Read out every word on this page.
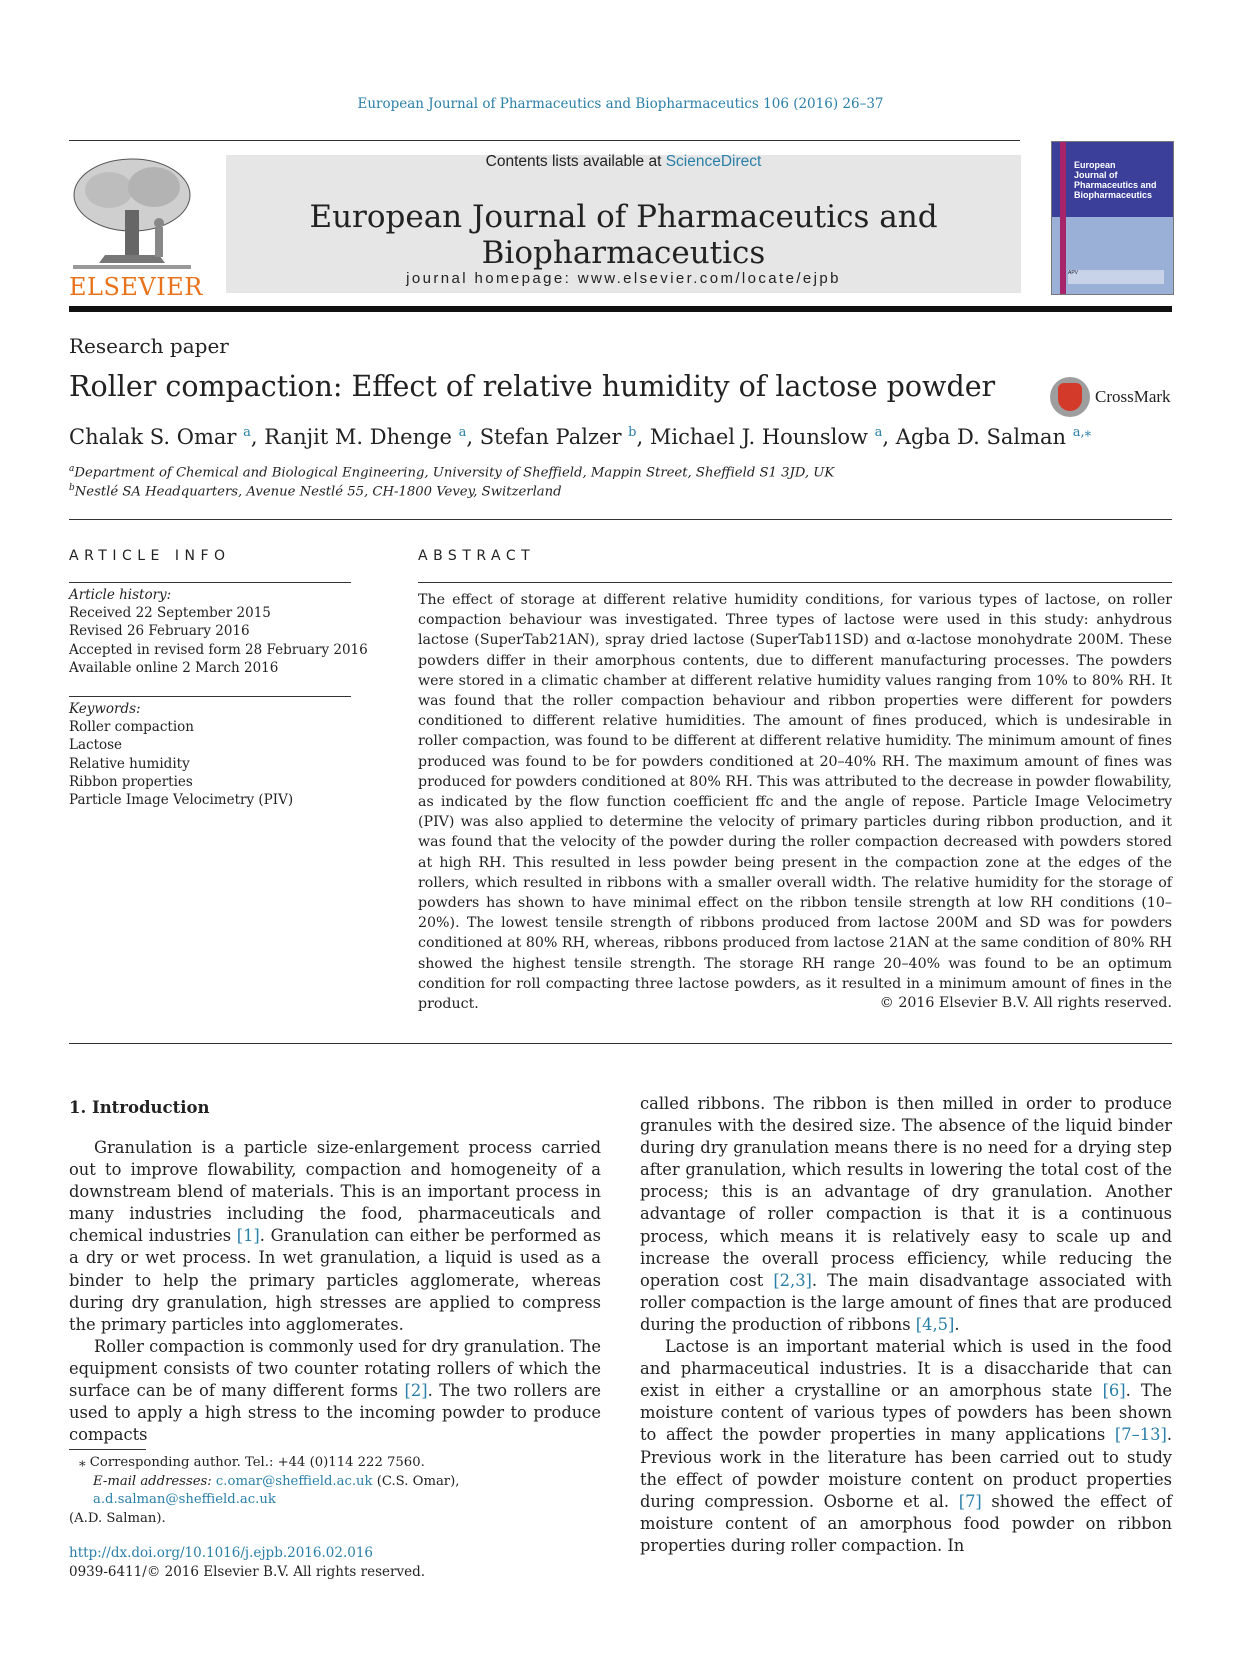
European Journal of Pharmaceutics and Biopharmaceutics 106 (2016) 26–37
ELSEVIER
Contents lists available at ScienceDirect
European Journal of Pharmaceutics and Biopharmaceutics
journal homepage: www.elsevier.com/locate/ejpb
European
Journal of
Pharmaceutics and
Biopharmaceutics
APV
Research paper
Roller compaction: Effect of relative humidity of lactose powder	CrossMark
Chalak S. Omar $^a$, Ranjit M. Dhenge $^a$, Stefan Palzer $^b$, Michael J. Hounslow $^a$, Agba D. Salman $^{a,⁎}$
$^a$Department of Chemical and Biological Engineering, University of Sheffield, Mappin Street, Sheffield S1 3JD, UK
$^b$Nestlé SA Headquarters, Avenue Nestlé 55, CH-1800 Vevey, Switzerland
ARTICLE INFO
Article history:
Received 22 September 2015
Revised 26 February 2016
Accepted in revised form 28 February 2016
Available online 2 March 2016
Keywords:
Roller compaction
Lactose
Relative humidity
Ribbon properties
Particle Image Velocimetry (PIV)
ABSTRACT
The effect of storage at different relative humidity conditions, for various types of lactose, on roller compaction behaviour was investigated. Three types of lactose were used in this study: anhydrous lactose (SuperTab21AN), spray dried lactose (SuperTab11SD) and α-lactose monohydrate 200M. These powders differ in their amorphous contents, due to different manufacturing processes. The powders were stored in a climatic chamber at different relative humidity values ranging from 10% to 80% RH. It was found that the roller compaction behaviour and ribbon properties were different for powders conditioned to different relative humidities. The amount of fines produced, which is undesirable in roller compaction, was found to be different at different relative humidity. The minimum amount of fines produced was found to be for powders conditioned at 20–40% RH. The maximum amount of fines was produced for powders conditioned at 80% RH. This was attributed to the decrease in powder flowability, as indicated by the flow function coefficient ffc and the angle of repose. Particle Image Velocimetry (PIV) was also applied to determine the velocity of primary particles during ribbon production, and it was found that the velocity of the powder during the roller compaction decreased with powders stored at high RH. This resulted in less powder being present in the compaction zone at the edges of the rollers, which resulted in ribbons with a smaller overall width. The relative humidity for the storage of powders has shown to have minimal effect on the ribbon tensile strength at low RH conditions (10–20%). The lowest tensile strength of ribbons produced from lactose 200M and SD was for powders conditioned at 80% RH, whereas, ribbons produced from lactose 21AN at the same condition of 80% RH showed the highest tensile strength. The storage RH range 20–40% was found to be an optimum condition for roll compacting three lactose powders, as it resulted in a minimum amount of fines in the product.	© 2016 Elsevier B.V. All rights reserved.
1. Introduction

Granulation is a particle size-enlargement process carried out to improve flowability, compaction and homogeneity of a downstream blend of materials. This is an important process in many industries including the food, pharmaceuticals and chemical industries [1]. Granulation can either be performed as a dry or wet process. In wet granulation, a liquid is used as a binder to help the primary particles agglomerate, whereas during dry granulation, high stresses are applied to compress the primary particles into agglomerates.

Roller compaction is commonly used for dry granulation. The equipment consists of two counter rotating rollers of which the surface can be of many different forms [2]. The two rollers are used to apply a high stress to the incoming powder to produce compacts

called ribbons. The ribbon is then milled in order to produce granules with the desired size. The absence of the liquid binder during dry granulation means there is no need for a drying step after granulation, which results in lowering the total cost of the process; this is an advantage of dry granulation. Another advantage of roller compaction is that it is a continuous process, which means it is relatively easy to scale up and increase the overall process efficiency, while reducing the operation cost [2,3]. The main disadvantage associated with roller compaction is the large amount of fines that are produced during the production of ribbons [4,5].

Lactose is an important material which is used in the food and pharmaceutical industries. It is a disaccharide that can exist in either a crystalline or an amorphous state [6]. The moisture content of various types of powders has been shown to affect the powder properties in many applications [7–13]. Previous work in the literature has been carried out to study the effect of powder moisture content on product properties during compression. Osborne et al. [7] showed the effect of moisture content of an amorphous food powder on ribbon properties during roller compaction. In

⁎ Corresponding author. Tel.: +44 (0)114 222 7560.
E-mail addresses: c.omar@sheffield.ac.uk (C.S. Omar), a.d.salman@sheffield.ac.uk
(A.D. Salman).
http://dx.doi.org/10.1016/j.ejpb.2016.02.016
0939-6411/© 2016 Elsevier B.V. All rights reserved.
